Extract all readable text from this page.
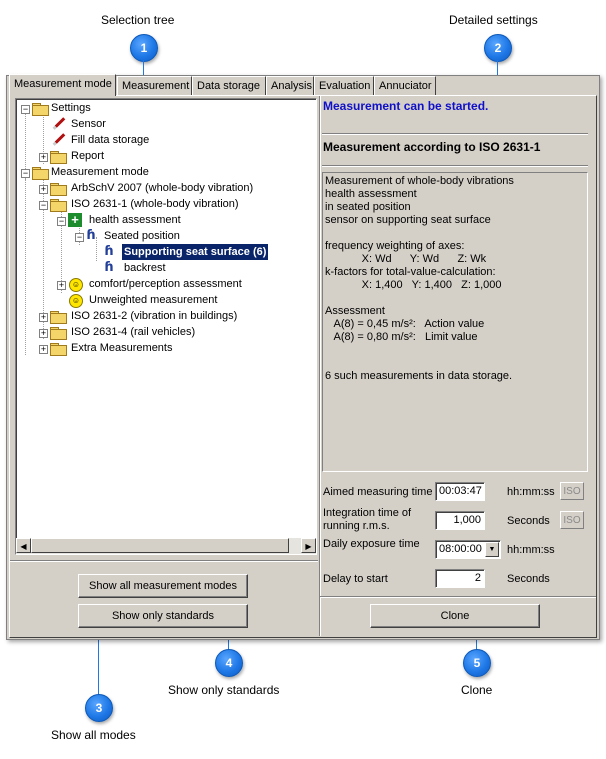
Selection tree
1
Detailed settings
2
3
Show all modes
4
Show only standards
5
Clone
Measurement mode Measurement Data storage	Analysis Evaluation Annuciator
− Settings
Sensor
Fill data storage
+ Report
− Measurement mode
+ ArbSchV 2007 (whole-body vibration)
− ISO 2631-1 (whole-body vibration)
− + health assessment
− ɦ Seated position
ɦ Supporting seat surface (6)
ɦ backrest
+ ☺ comfort/perception assessment
☺ Unweighted measurement
+ ISO 2631-2 (vibration in buildings)
+ ISO 2631-4 (rail vehicles)
+ Extra Measurements
◀	▶
Show all measurement modes
Show only standards
Measurement can be started.
Measurement according to ISO 2631-1
Measurement of whole-body vibrations
health assessment
in seated position
sensor on supporting seat surface
frequency weighting of axes:
X: Wd      Y: Wd      Z: Wk
k-factors for total-value-calculation:
X: 1,400   Y: 1,400   Z: 1,000
Assessment
A(8) = 0,45 m/s²:   Action value
A(8) = 0,80 m/s²:   Limit value
6 such measurements in data storage.
Aimed measuring time 00:03:47 hh:mm:ss ISO
Integration time of
running r.m.s.	1,000	Seconds	ISO
Daily exposure time	08:00:00 ▼	hh:mm:ss
Delay to start	2	Seconds
Clone
